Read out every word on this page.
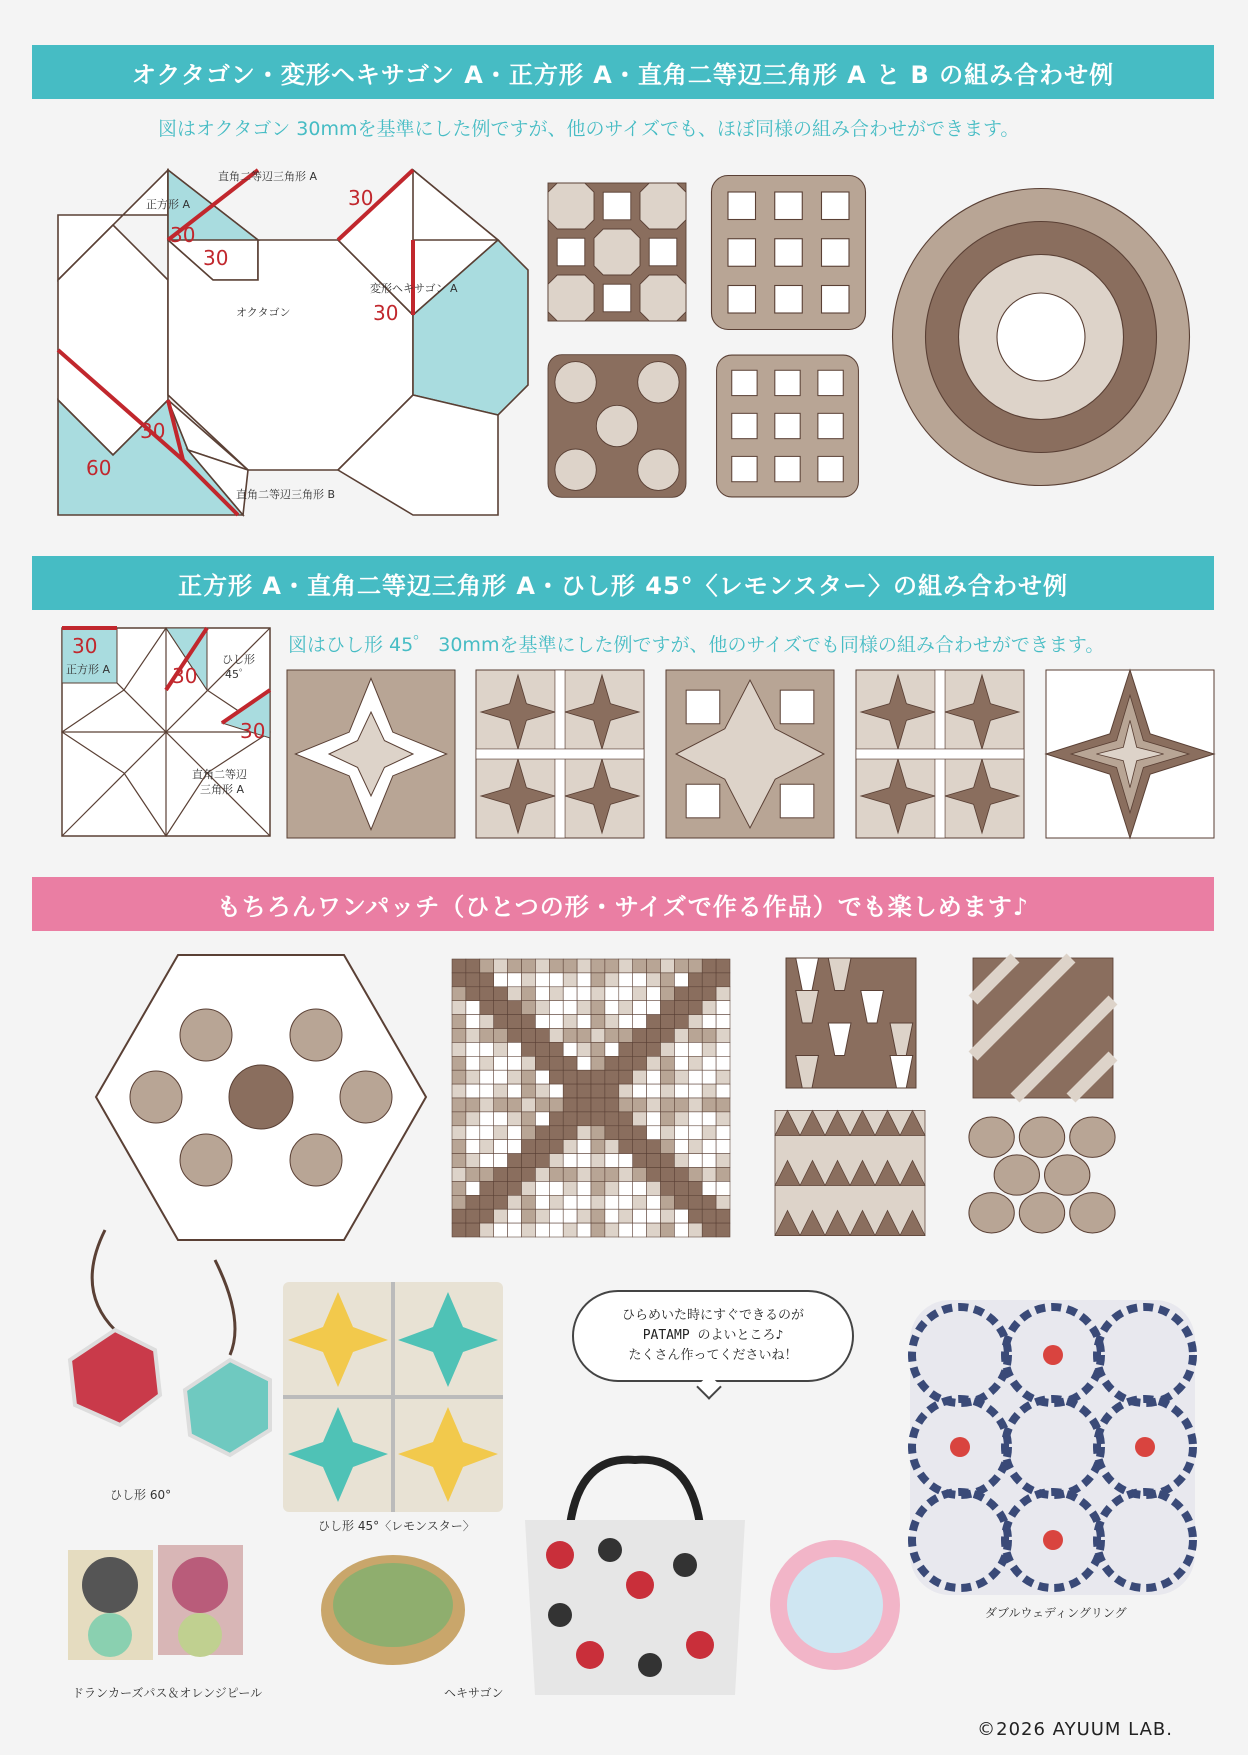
オクタゴン・変形ヘキサゴン A・正方形 A・直角二等辺三角形 A と B の組み合わせ例
図はオクタゴン 30mmを基準にした例ですが、他のサイズでも、ほぼ同様の組み合わせができます。
直角二等辺三角形 A
正方形 A
30
30
30
オクタゴン
変形ヘキサゴン A
30
30
60
直角二等辺三角形 B
正方形 A・直角二等辺三角形 A・ひし形 45°〈レモンスター〉の組み合わせ例
図はひし形 45゜ 30mmを基準にした例ですが、他のサイズでも同様の組み合わせができます。
30
正方形 A	30
ひし形
45゜
30
直角二等辺
三角形 A
もちろんワンパッチ（ひとつの形・サイズで作る作品）でも楽しめます♪
ひし形 60°
ひし形 45°〈レモンスター〉
ひらめいた時にすぐできるのが
PATAMP のよいところ♪
たくさん作ってくださいね！
ダブルウェディングリング
ドランカーズパス＆オレンジピール	ヘキサゴン
©2026 AYUUM LAB.
